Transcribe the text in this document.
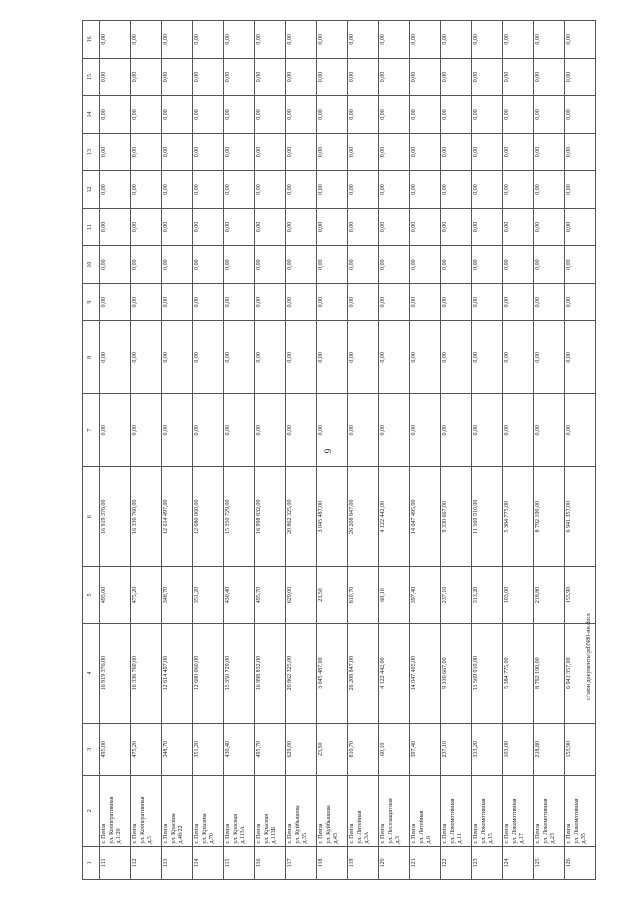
9
1	2	3	4	5	6	7	8	9	10	11	12	13	14	15	16
111	г. Пенза ул. Кооперативная д.1/20	495,00	16 919 376,00	495,00	16 919 376,00	0,00	0,00	0,00	0,00	0,00	0,00	0,00	0,00	0,00	0,00
112	г. Пенза ул. Кооперативная д.5	475,20	16 336 760,00	475,20	16 336 760,00	0,00	0,00	0,00	0,00	0,00	0,00	0,00	0,00	0,00	0,00
113	г. Пенза ул. Красина д.48/22	348,70	12 614 497,00	348,70	12 614 497,00	0,00	0,00	0,00	0,00	0,00	0,00	0,00	0,00	0,00	0,00
114	г. Пенза ул. Красина д.70	351,20	12 680 060,00	351,20	12 680 060,00	0,00	0,00	0,00	0,00	0,00	0,00	0,00	0,00	0,00	0,00
115	г. Пенза ул. Красная д.113А	430,40	15 350 729,00	430,40	15 350 729,00	0,00	0,00	0,00	0,00	0,00	0,00	0,00	0,00	0,00	0,00
116	г. Пенза ул. Красная д.113Б	495,70	16 998 832,00	495,70	16 998 832,00	0,00	0,00	0,00	0,00	0,00	0,00	0,00	0,00	0,00	0,00
117	г. Пенза ул. Куйбышева д.35	629,00	20 862 325,00	629,00	20 862 325,00	0,00	0,00	0,00	0,00	0,00	0,00	0,00	0,00	0,00	0,00
118	г. Пенза ул. Куйбышева д.43	23,50	3 045 487,00	23,50	3 045 487,00	0,00	0,00	0,00	0,00	0,00	0,00	0,00	0,00	0,00	0,00
119	г. Пенза ул. Литейная д.3А	810,70	26 208 847,00	810,70	26 208 847,00	0,00	0,00	0,00	0,00	0,00	0,00	0,00	0,00	0,00	0,00
120	г. Пенза ул. Лесозащитная д.3	60,10	4 122 442,00	60,10	4 122 442,00	0,00	0,00	0,00	0,00	0,00	0,00	0,00	0,00	0,00	0,00
121	г. Пенза ул. Литейная д.6	397,40	14 047 495,00	397,40	14 047 495,00	0,00	0,00	0,00	0,00	0,00	0,00	0,00	0,00	0,00	0,00
122	г. Пенза ул. Локомотивная д.11	237,10	9 330 667,00	237,10	9 330 667,00	0,00	0,00	0,00	0,00	0,00	0,00	0,00	0,00	0,00	0,00
123	г. Пенза ул. Локомотивная д.15	313,20	11 569 910,00	313,20	11 569 910,00	0,00	0,00	0,00	0,00	0,00	0,00	0,00	0,00	0,00	0,00
124	г. Пенза ул. Локомотивная д.17	103,00	5 384 775,00	103,00	5 384 775,00	0,00	0,00	0,00	0,00	0,00	0,00	0,00	0,00	0,00	0,00
125	г. Пенза ул. Локомотивная д.23	218,80	8 792 190,00	218,80	8 792 190,00	0,00	0,00	0,00	0,00	0,00	0,00	0,00	0,00	0,00	0,00
126	г. Пенза ул. Локомотивная д.35	155,90	6 941 357,00	155,90	6 941 357,00	0,00	0,00	0,00	0,00	0,00	0,00	0,00	0,00	0,00	0,00
c:\мои документы\pd\N80-ин.docx
